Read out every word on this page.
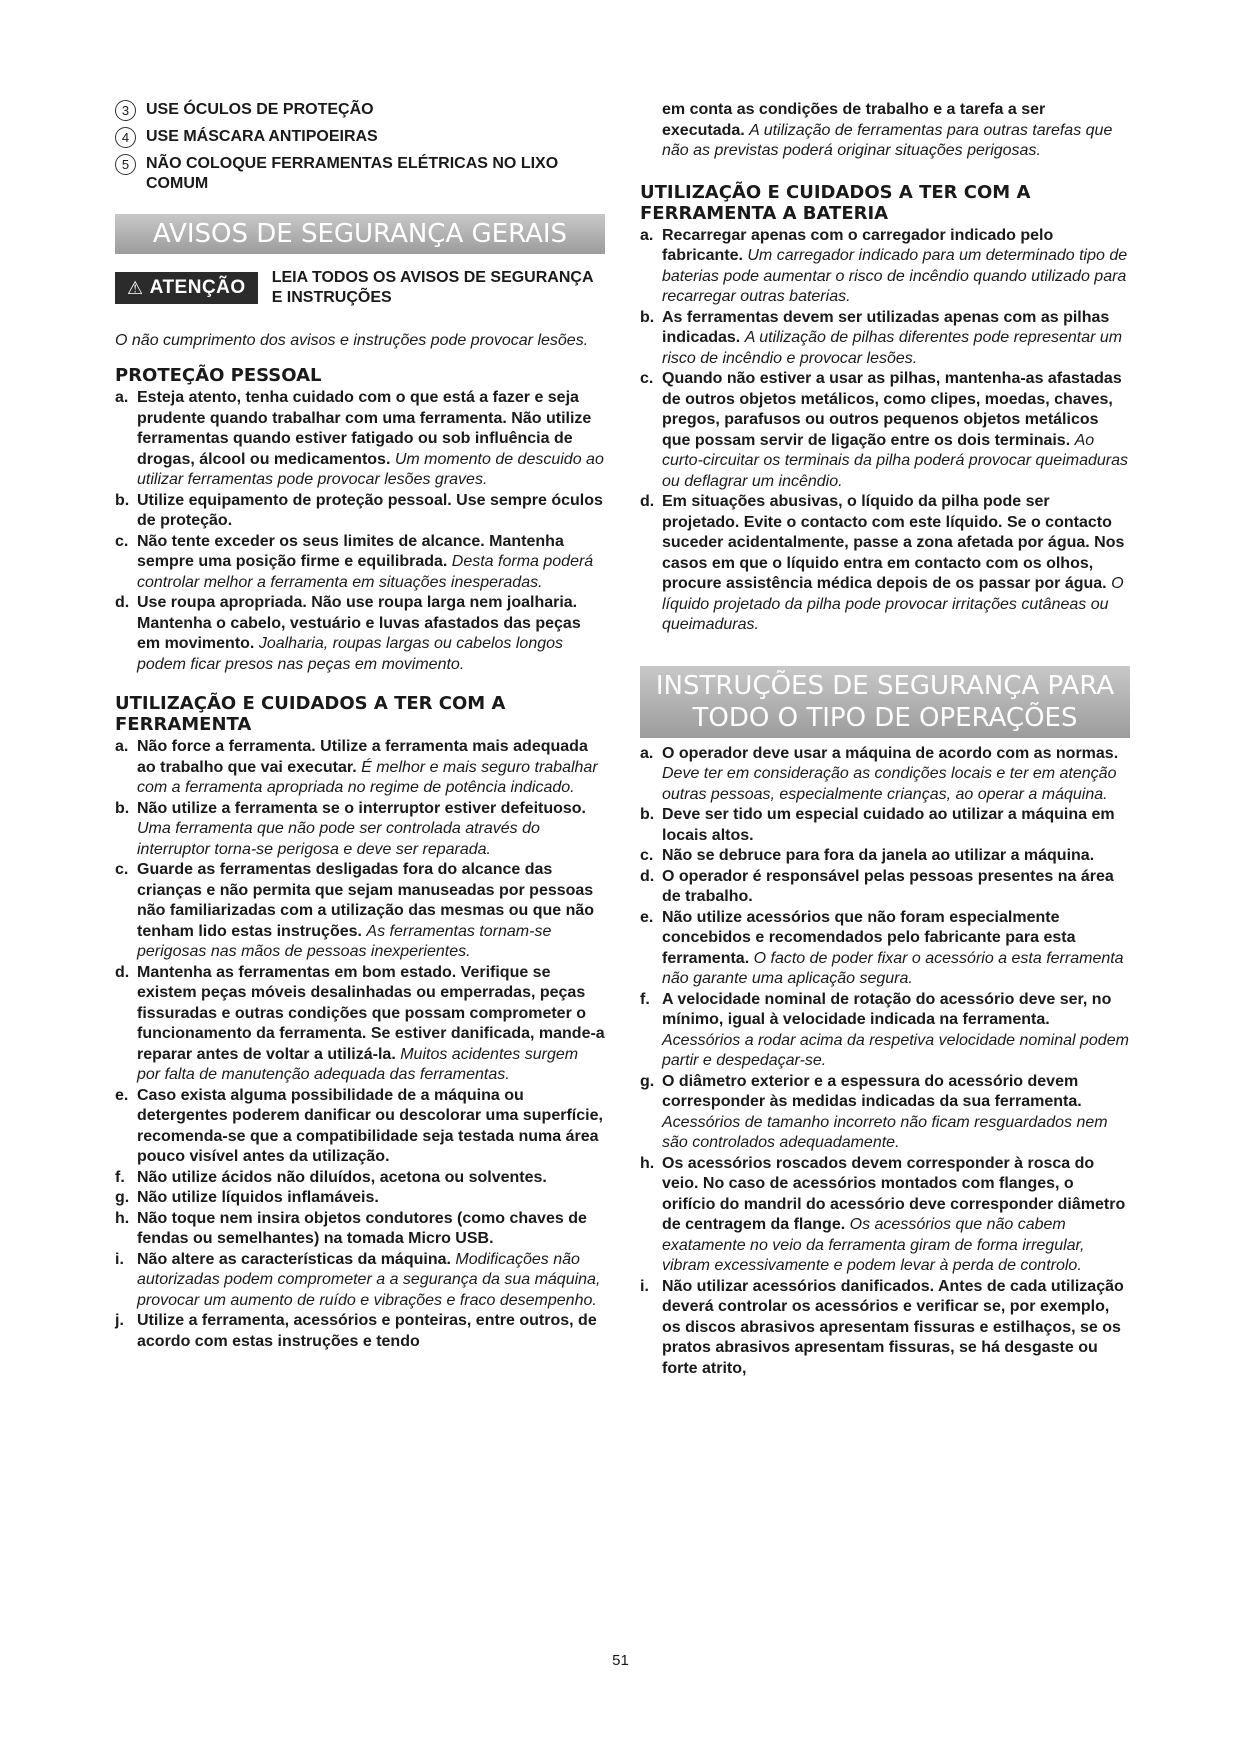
3	USE ÓCULOS DE PROTEÇÃO
4	USE MÁSCARA ANTIPOEIRAS
5	NÃO COLOQUE FERRAMENTAS ELÉTRICAS NO LIXO COMUM
AVISOS DE SEGURANÇA GERAIS
⚠ ATENÇÃO LEIA TODOS OS AVISOS DE SEGURANÇA E INSTRUÇÕES
O não cumprimento dos avisos e instruções pode provocar lesões.
PROTEÇÃO PESSOAL
a. Esteja atento, tenha cuidado com o que está a fazer e seja prudente quando trabalhar com uma ferramenta. Não utilize ferramentas quando estiver fatigado ou sob influência de drogas, álcool ou medicamentos. Um momento de descuido ao utilizar ferramentas pode provocar lesões graves.
b. Utilize equipamento de proteção pessoal. Use sempre óculos de proteção.
c. Não tente exceder os seus limites de alcance. Mantenha sempre uma posição firme e equilibrada. Desta forma poderá controlar melhor a ferramenta em situações inesperadas.
d. Use roupa apropriada. Não use roupa larga nem joalharia. Mantenha o cabelo, vestuário e luvas afastados das peças em movimento. Joalharia, roupas largas ou cabelos longos podem ficar presos nas peças em movimento.
UTILIZAÇÃO E CUIDADOS A TER COM A FERRAMENTA
a. Não force a ferramenta. Utilize a ferramenta mais adequada ao trabalho que vai executar. É melhor e mais seguro trabalhar com a ferramenta apropriada no regime de potência indicado.
b. Não utilize a ferramenta se o interruptor estiver defeituoso. Uma ferramenta que não pode ser controlada através do interruptor torna-se perigosa e deve ser reparada.
c. Guarde as ferramentas desligadas fora do alcance das crianças e não permita que sejam manuseadas por pessoas não familiarizadas com a utilização das mesmas ou que não tenham lido estas instruções. As ferramentas tornam-se perigosas nas mãos de pessoas inexperientes.
d. Mantenha as ferramentas em bom estado. Verifique se existem peças móveis desalinhadas ou emperradas, peças fissuradas e outras condições que possam comprometer o funcionamento da ferramenta. Se estiver danificada, mande-a reparar antes de voltar a utilizá-la. Muitos acidentes surgem por falta de manutenção adequada das ferramentas.
e. Caso exista alguma possibilidade de a máquina ou detergentes poderem danificar ou descolorar uma superfície, recomenda-se que a compatibilidade seja testada numa área pouco visível antes da utilização.
f. Não utilize ácidos não diluídos, acetona ou solventes.
g. Não utilize líquidos inflamáveis.
h. Não toque nem insira objetos condutores (como chaves de fendas ou semelhantes) na tomada Micro USB.
i. Não altere as características da máquina. Modificações não autorizadas podem comprometer a a segurança da sua máquina, provocar um aumento de ruído e vibrações e fraco desempenho.
j. Utilize a ferramenta, acessórios e ponteiras, entre outros, de acordo com estas instruções e tendo
em conta as condições de trabalho e a tarefa a ser executada. A utilização de ferramentas para outras tarefas que não as previstas poderá originar situações perigosas.
UTILIZAÇÃO E CUIDADOS A TER COM A FERRAMENTA A BATERIA
a. Recarregar apenas com o carregador indicado pelo fabricante. Um carregador indicado para um determinado tipo de baterias pode aumentar o risco de incêndio quando utilizado para recarregar outras baterias.
b. As ferramentas devem ser utilizadas apenas com as pilhas indicadas. A utilização de pilhas diferentes pode representar um risco de incêndio e provocar lesões.
c. Quando não estiver a usar as pilhas, mantenha-as afastadas de outros objetos metálicos, como clipes, moedas, chaves, pregos, parafusos ou outros pequenos objetos metálicos que possam servir de ligação entre os dois terminais. Ao curto-circuitar os terminais da pilha poderá provocar queimaduras ou deflagrar um incêndio.
d. Em situações abusivas, o líquido da pilha pode ser projetado. Evite o contacto com este líquido. Se o contacto suceder acidentalmente, passe a zona afetada por água. Nos casos em que o líquido entra em contacto com os olhos, procure assistência médica depois de os passar por água. O líquido projetado da pilha pode provocar irritações cutâneas ou queimaduras.
INSTRUÇÕES DE SEGURANÇA PARA TODO O TIPO DE OPERAÇÕES
a. O operador deve usar a máquina de acordo com as normas. Deve ter em consideração as condições locais e ter em atenção outras pessoas, especialmente crianças, ao operar a máquina.
b. Deve ser tido um especial cuidado ao utilizar a máquina em locais altos.
c. Não se debruce para fora da janela ao utilizar a máquina.
d. O operador é responsável pelas pessoas presentes na área de trabalho.
e. Não utilize acessórios que não foram especialmente concebidos e recomendados pelo fabricante para esta ferramenta. O facto de poder fixar o acessório a esta ferramenta não garante uma aplicação segura.
f. A velocidade nominal de rotação do acessório deve ser, no mínimo, igual à velocidade indicada na ferramenta. Acessórios a rodar acima da respetiva velocidade nominal podem partir e despedaçar-se.
g. O diâmetro exterior e a espessura do acessório devem corresponder às medidas indicadas da sua ferramenta. Acessórios de tamanho incorreto não ficam resguardados nem são controlados adequadamente.
h. Os acessórios roscados devem corresponder à rosca do veio. No caso de acessórios montados com flanges, o orifício do mandril do acessório deve corresponder diâmetro de centragem da flange. Os acessórios que não cabem exatamente no veio da ferramenta giram de forma irregular, vibram excessivamente e podem levar à perda de controlo.
i. Não utilizar acessórios danificados. Antes de cada utilização deverá controlar os acessórios e verificar se, por exemplo, os discos abrasivos apresentam fissuras e estilhaços, se os pratos abrasivos apresentam fissuras, se há desgaste ou forte atrito,
51
